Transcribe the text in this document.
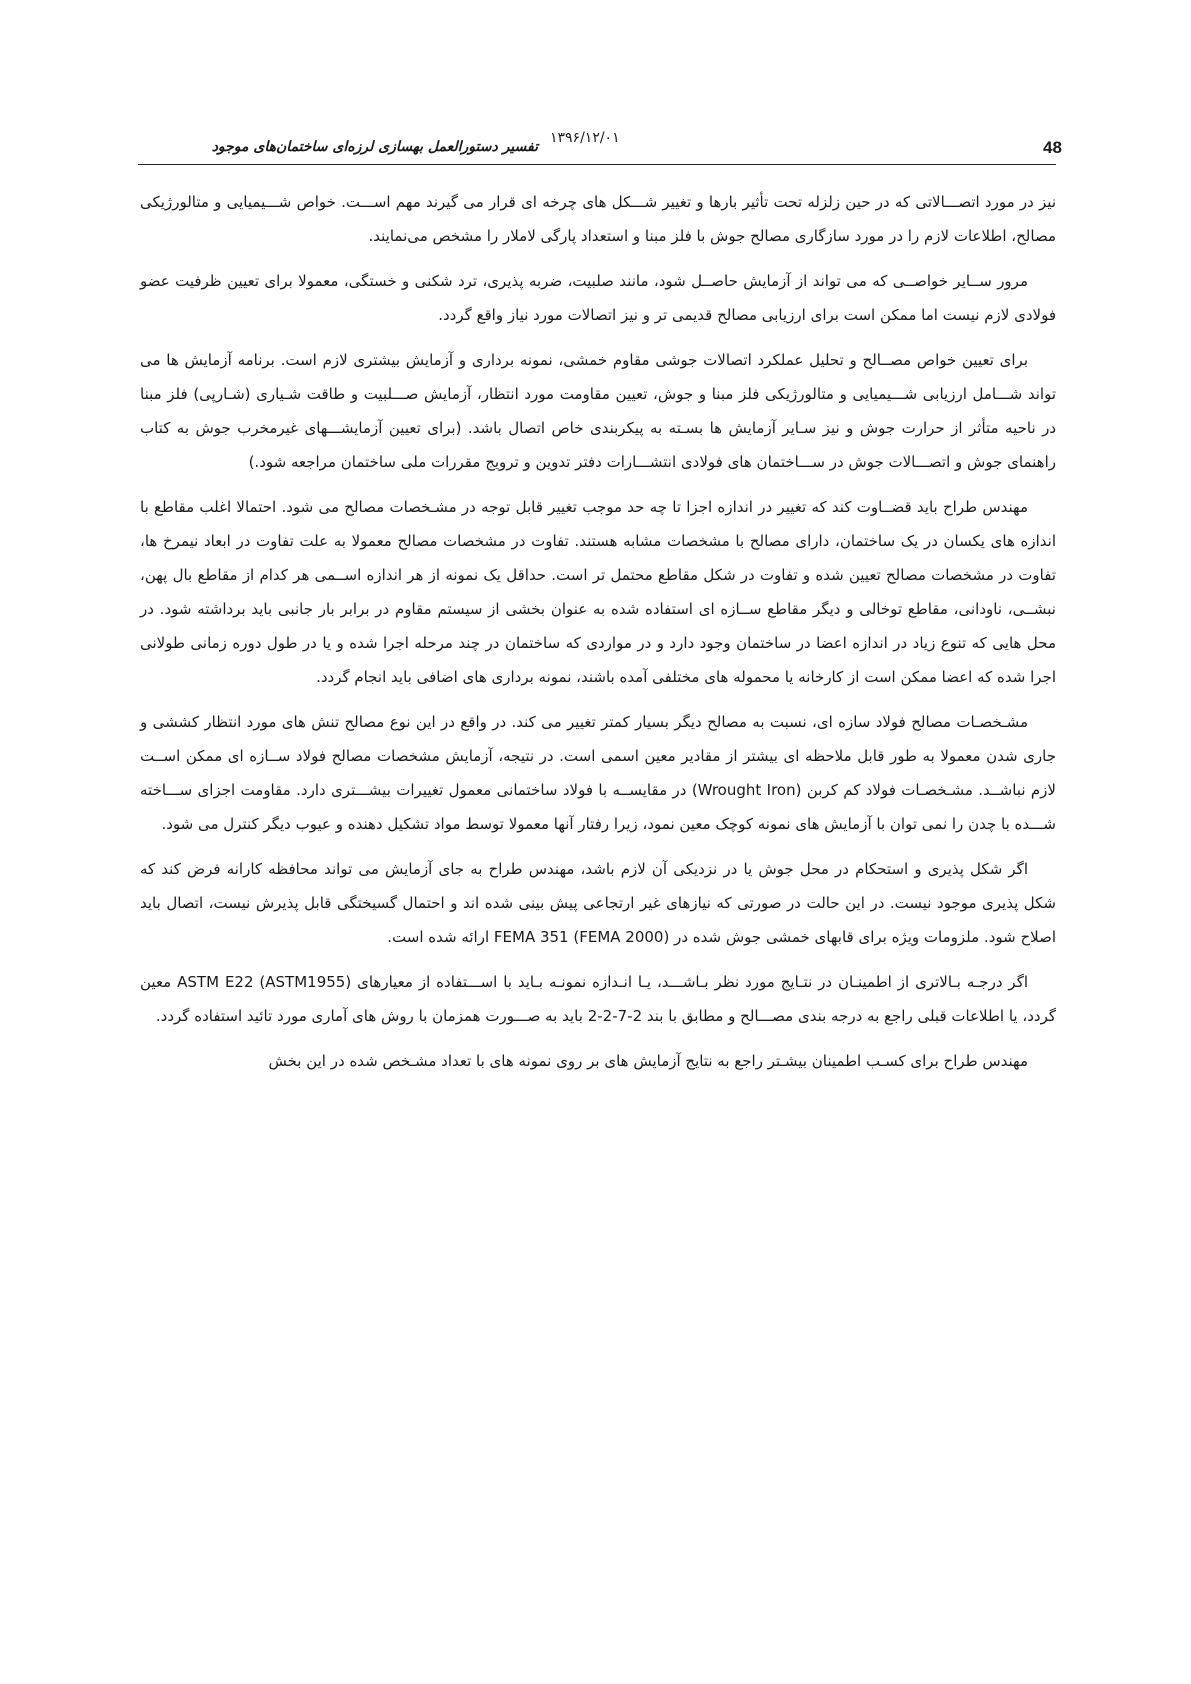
48
۱۳۹۶/۱۲/۰۱
تفسیر دستورالعمل بهسازی لرزه‌ای ساختمان‌های موجود

نیز در مورد اتصـــالاتی که در حین زلزله تحت تأثیر بارها و تغییر شـــکل های چرخه ای قرار می گیرند مهم اســـت. خواص شـــیمیایی و متالورژیکی مصالح، اطلاعات لازم را در مورد سازگاری مصالح جوش با فلز مبنا و استعداد پارگی لاملار را مشخص می‌نمایند.

مرور ســایر خواصــی که می تواند از آزمایش حاصــل شود، مانند صلبیت، ضربه پذیری، ترد شکنی و خستگی، معمولا برای تعیین ظرفیت عضو فولادی لازم نیست اما ممکن است برای ارزیابی مصالح قدیمی تر و نیز اتصالات مورد نیاز واقع گردد.

برای تعیین خواص مصــالح و تحلیل عملکرد اتصالات جوشی مقاوم خمشی، نمونه برداری و آزمایش بیشتری لازم است. برنامه آزمایش ها می تواند شـــامل ارزیابی شـــیمیایی و متالورژیکی فلز مبنا و جوش، تعیین مقاومت مورد انتظار، آزمایش صـــلبیت و طاقت شـیاری (شـارپی) فلز مبنا در ناحیه متأثر از حرارت جوش و نیز سـایر آزمایش ها بسـته به پیکربندی خاص اتصال باشد. (برای تعیین آزمایشـــهای غیرمخرب جوش به کتاب راهنمای جوش و اتصـــالات جوش در ســـاختمان های فولادی انتشـــارات دفتر تدوین و ترویج مقررات ملی ساختمان مراجعه شود.)

مهندس طراح باید قضــاوت کند که تغییر در اندازه اجزا تا چه حد موجب تغییر قابل توجه در مشـخصات مصالح می شود. احتمالا اغلب مقاطع با اندازه های یکسان در یک ساختمان، دارای مصالح با مشخصات مشابه هستند. تفاوت در مشخصات مصالح معمولا به علت تفاوت در ابعاد نیمرخ ها، تفاوت در مشخصات مصالح تعیین شده و تفاوت در شکل مقاطع محتمل تر است. حداقل یک نمونه از هر اندازه اســمی هر کدام از مقاطع بال پهن، نبشــی، ناودانی، مقاطع توخالی و دیگر مقاطع ســازه ای استفاده شده به عنوان بخشی از سیستم مقاوم در برابر بار جانبی باید برداشته شود. در محل هایی که تنوع زیاد در اندازه اعضا در ساختمان وجود دارد و در مواردی که ساختمان در چند مرحله اجرا شده و یا در طول دوره زمانی طولانی اجرا شده که اعضا ممکن است از کارخانه یا محموله های مختلفی آمده باشند، نمونه برداری های اضافی باید انجام گردد.

مشـخصـات مصالح فولاد سازه ای، نسبت به مصالح دیگر بسیار کمتر تغییر می کند. در واقع در این نوع مصالح تنش های مورد انتظار کششی و جاری شدن معمولا به طور قابل ملاحظه ای بیشتر از مقادیر معین اسمی است. در نتیجه، آزمایش مشخصات مصالح فولاد ســازه ای ممکن اســت لازم نباشــد. مشـخصـات فولاد کم کربن (Wrought Iron) در مقایســه با فولاد ساختمانی معمول تغییرات بیشـــتری دارد. مقاومت اجزای ســـاخته شـــده با چدن را نمی توان با آزمایش های نمونه کوچک معین نمود، زیرا رفتار آنها معمولا توسط مواد تشکیل دهنده و عیوب دیگر کنترل می شود.

اگر شکل پذیری و استحکام در محل جوش یا در نزدیکی آن لازم باشد، مهندس طراح به جای آزمایش می تواند محافظه کارانه فرض کند که شکل پذیری موجود نیست. در این حالت در صورتی که نیازهای غیر ارتجاعی پیش بینی شده اند و احتمال گسیختگی قابل پذیرش نیست، اتصال باید اصلاح شود. ملزومات ویژه برای قابهای خمشی جوش شده در FEMA 351 (FEMA 2000) ارائه شده است.

اگر درجـه بـالاتری از اطمینـان در نتـایج مورد نظر بـاشـــد، یـا انـدازه نمونـه بـاید با اســـتفاده از معیارهای ASTM E22 (ASTM1955) معین گردد، یا اطلاعات قبلی راجع به درجه بندی مصـــالح و مطابق با بند 2-7-2-2 باید به صـــورت همزمان با روش های آماری مورد تائید استفاده گردد.

مهندس طراح برای کسـب اطمینان بیشـتر راجع به نتایج آزمایش های بر روی نمونه های با تعداد مشـخص شده در این بخش
